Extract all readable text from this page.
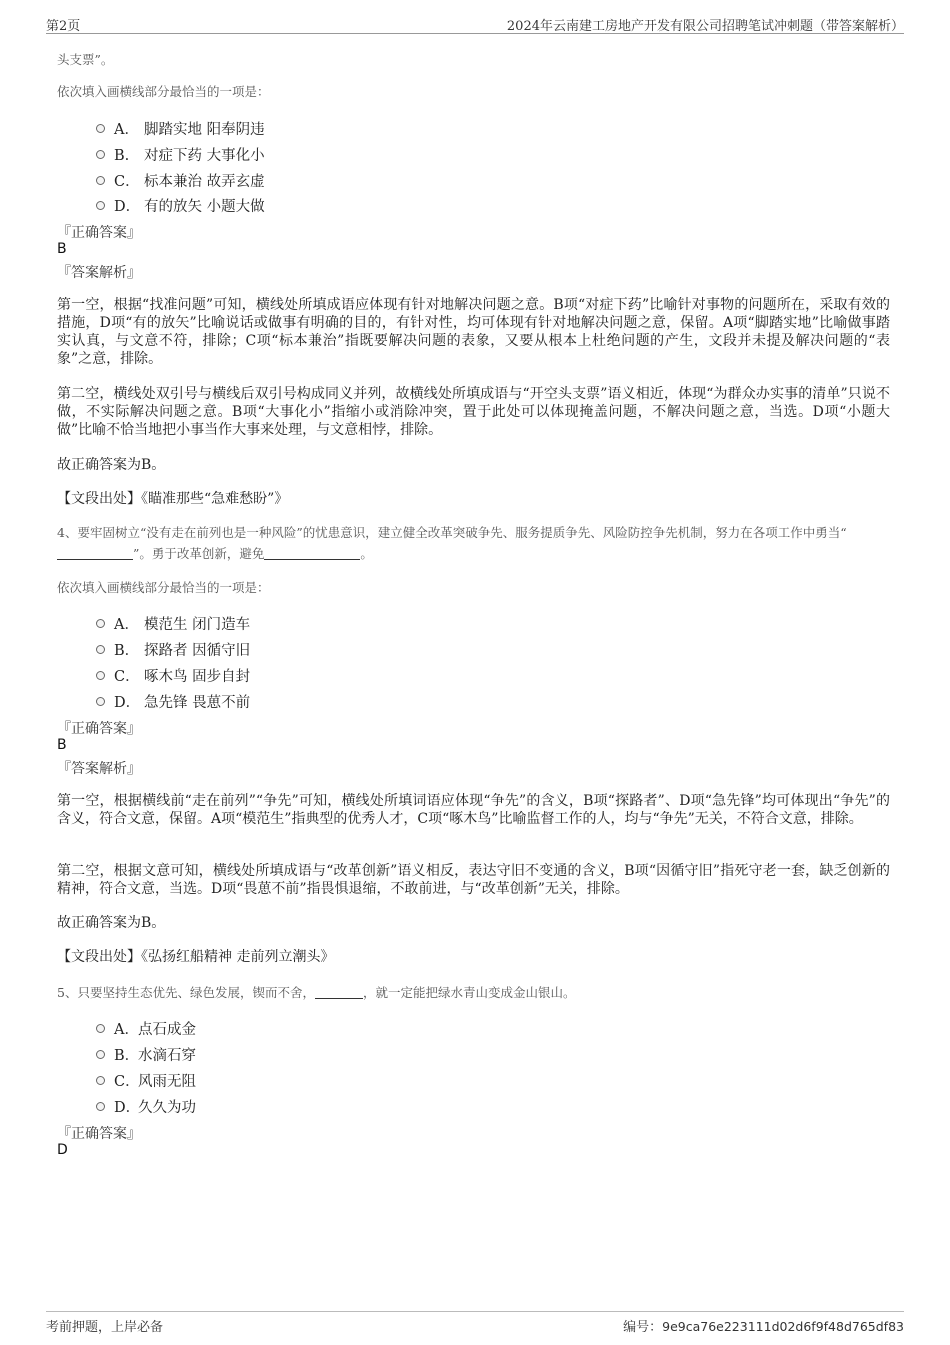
第2页	2024年云南建工房地产开发有限公司招聘笔试冲刺题（带答案解析）
头支票”。
依次填入画横线部分最恰当的一项是：
A． 脚踏实地 阳奉阴违
B. 对症下药 大事化小
C． 标本兼治 故弄玄虚
D． 有的放矢 小题大做
『正确答案』
B
『答案解析』
第一空，根据“找准问题”可知，横线处所填成语应体现有针对地解决问题之意。B项“对症下药”比喻针对事物的问题所在，采取有效的措施，D项“有的放矢”比喻说话或做事有明确的目的，有针对性，均可体现有针对地解决问题之意，保留。A项“脚踏实地”比喻做事踏实认真，与文意不符，排除；C项“标本兼治”指既要解决问题的表象，又要从根本上杜绝问题的产生，文段并未提及解决问题的“表象”之意，排除。
第二空，横线处双引号与横线后双引号构成同义并列，故横线处所填成语与“开空头支票”语义相近，体现“为群众办实事的清单”只说不做，不实际解决问题之意。B项“大事化小”指缩小或消除冲突，置于此处可以体现掩盖问题，不解决问题之意，当选。D项“小题大做”比喻不恰当地把小事当作大事来处理，与文意相悖，排除。
故正确答案为B。
【文段出处】《瞄准那些“急难愁盼”》
4、要牢固树立“没有走在前列也是一种风险”的忧患意识，建立健全改革突破争先、服务提质争先、风险防控争先机制，努力在各项工作中勇当“
”。勇于改革创新，避免	。
依次填入画横线部分最恰当的一项是：
A． 模范生 闭门造车
B． 探路者 因循守旧
C． 啄木鸟 固步自封
D． 急先锋 畏葸不前
『正确答案』
B
『答案解析』
第一空，根据横线前“走在前列”“争先”可知，横线处所填词语应体现“争先”的含义，B项“探路者”、D项“急先锋”均可体现出“争先”的含义，符合文意，保留。A项“模范生”指典型的优秀人才，C项“啄木鸟”比喻监督工作的人，均与“争先”无关，不符合文意，排除。
第二空，根据文意可知，横线处所填成语与“改革创新”语义相反，表达守旧不变通的含义，B项“因循守旧”指死守老一套，缺乏创新的精神，符合文意，当选。D项“畏葸不前”指畏惧退缩，不敢前进，与“改革创新”无关，排除。
故正确答案为B。
【文段出处】《弘扬红船精神 走前列立潮头》
5、只要坚持生态优先、绿色发展，锲而不舍，	，就一定能把绿水青山变成金山银山。
A．点石成金
B．水滴石穿
C．风雨无阻
D．久久为功
『正确答案』
D
考前押题，上岸必备	编号：9e9ca76e223111d02d6f9f48d765df83
